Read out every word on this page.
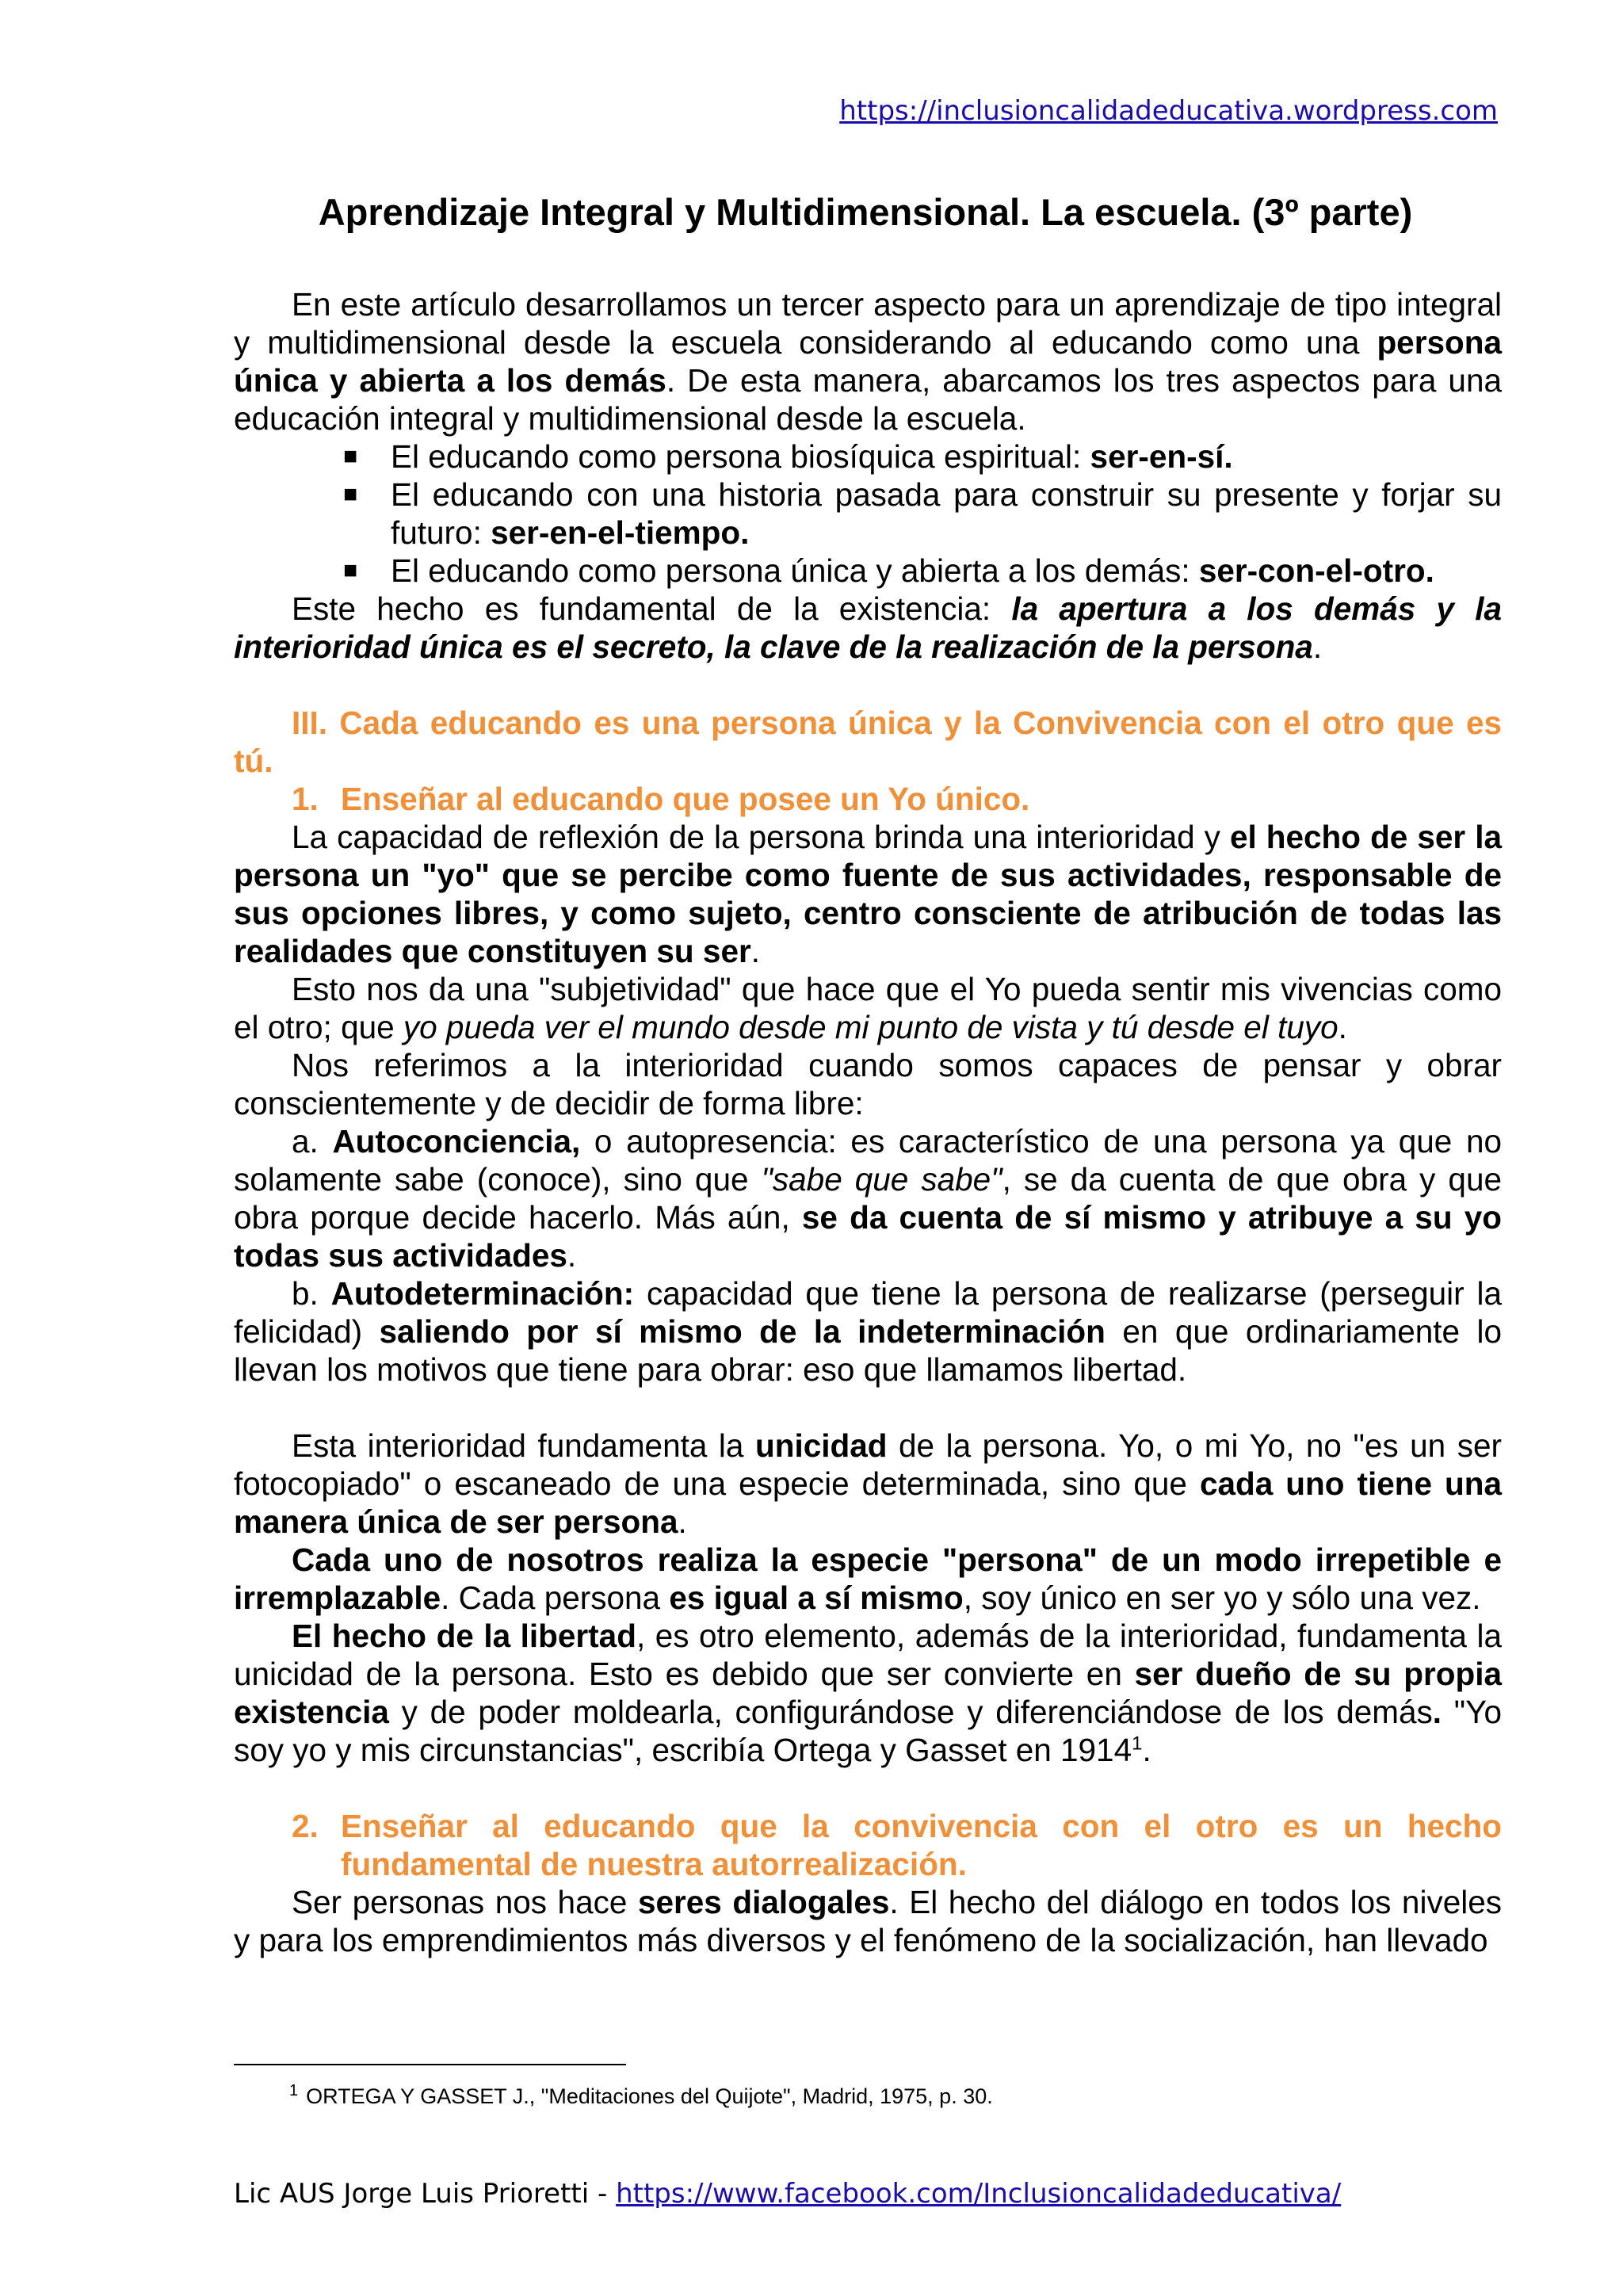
https://inclusioncalidadeducativa.wordpress.com
Aprendizaje Integral y Multidimensional. La escuela. (3º parte)

En este artículo desarrollamos un tercer aspecto para un aprendizaje de tipo integral y multidimensional desde la escuela considerando al educando como una persona única y abierta a los demás. De esta manera, abarcamos los tres aspectos para una educación integral y multidimensional desde la escuela.

■ El educando como persona biosíquica espiritual: ser-en-sí.
■ El educando con una historia pasada para construir su presente y forjar su futuro: ser-en-el-tiempo.
■ El educando como persona única y abierta a los demás: ser-con-el-otro.

Este hecho es fundamental de la existencia: la apertura a los demás y la interioridad única es el secreto, la clave de la realización de la persona.

III. Cada educando es una persona única y la Convivencia con el otro que es tú.

1. Enseñar al educando que posee un Yo único.

La capacidad de reflexión de la persona brinda una interioridad y el hecho de ser la persona un "yo" que se percibe como fuente de sus actividades, responsable de sus opciones libres, y como sujeto, centro consciente de atribución de todas las realidades que constituyen su ser.

Esto nos da una "subjetividad" que hace que el Yo pueda sentir mis vivencias como el otro; que yo pueda ver el mundo desde mi punto de vista y tú desde el tuyo.

Nos referimos a la interioridad cuando somos capaces de pensar y obrar conscientemente y de decidir de forma libre:

a. Autoconciencia, o autopresencia: es característico de una persona ya que no solamente sabe (conoce), sino que "sabe que sabe", se da cuenta de que obra y que obra porque decide hacerlo. Más aún, se da cuenta de sí mismo y atribuye a su yo todas sus actividades.

b. Autodeterminación: capacidad que tiene la persona de realizarse (perseguir la felicidad) saliendo por sí mismo de la indeterminación en que ordinariamente lo llevan los motivos que tiene para obrar: eso que llamamos libertad.

Esta interioridad fundamenta la unicidad de la persona. Yo, o mi Yo, no "es un ser fotocopiado" o escaneado de una especie determinada, sino que cada uno tiene una manera única de ser persona.

Cada uno de nosotros realiza la especie "persona" de un modo irrepetible e irremplazable. Cada persona es igual a sí mismo, soy único en ser yo y sólo una vez.

El hecho de la libertad, es otro elemento, además de la interioridad, fundamenta la unicidad de la persona. Esto es debido que ser convierte en ser dueño de su propia existencia y de poder moldearla, configurándose y diferenciándose de los demás. "Yo soy yo y mis circunstancias", escribía Ortega y Gasset en 1914$^1$.

2. Enseñar al educando que la convivencia con el otro es un hecho fundamental de nuestra autorrealización.

Ser personas nos hace seres dialogales. El hecho del diálogo en todos los niveles y para los emprendimientos más diversos y el fenómeno de la socialización, han llevado

$^1$ ORTEGA Y GASSET J., "Meditaciones del Quijote", Madrid, 1975, p. 30.
Lic AUS Jorge Luis Prioretti - https://www.facebook.com/Inclusioncalidadeducativa/
